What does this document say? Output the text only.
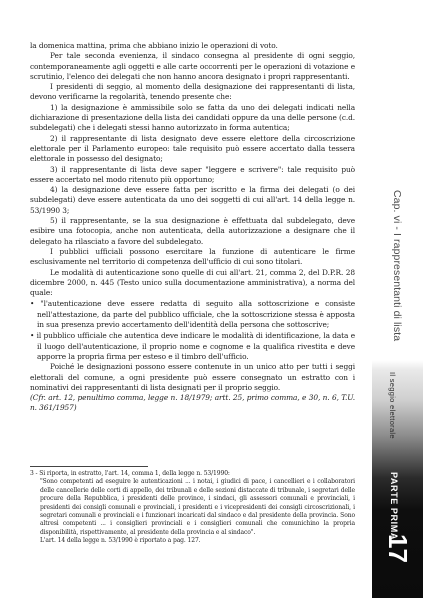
la domenica mattina, prima che abbiano inizio le operazioni di voto.

Per tale seconda evenienza, il sindaco consegna al presidente di ogni seggio, contemporaneamente agli oggetti e alle carte occorrenti per le operazioni di votazione e scrutinio, l'elenco dei delegati che non hanno ancora designato i propri rappresentanti.

I presidenti di seggio, al momento della designazione dei rappresentanti di lista, devono verificarne la regolarità, tenendo presente che:

1) la designazione è ammissibile solo se fatta da uno dei delegati indicati nella dichiarazione di presentazione della lista dei candidati oppure da una delle persone (c.d. subdelegati) che i delegati stessi hanno autorizzato in forma autentica;

2) il rappresentante di lista designato deve essere elettore della circoscrizione elettorale per il Parlamento europeo: tale requisito può essere accertato dalla tessera elettorale in possesso del designato;

3) il rappresentante di lista deve saper "leggere e scrivere": tale requisito può essere accertato nel modo ritenuto più opportuno;

4) la designazione deve essere fatta per iscritto e la firma dei delegati (o dei subdelegati) deve essere autenticata da uno dei soggetti di cui all'art. 14 della legge n. 53/1990 3;

5) il rappresentante, se la sua designazione è effettuata dal subdelegato, deve esibire una fotocopia, anche non autenticata, della autorizzazione a designare che il delegato ha rilasciato a favore del subdelegato.

I pubblici ufficiali possono esercitare la funzione di autenticare le firme esclusivamente nel territorio di competenza dell'ufficio di cui sono titolari.

Le modalità di autenticazione sono quelle di cui all'art. 21, comma 2, del D.P.R. 28 dicembre 2000, n. 445 (Testo unico sulla documentazione amministrativa), a norma del quale:

• "l'autenticazione deve essere redatta di seguito alla sottoscrizione e consiste nell'attestazione, da parte del pubblico ufficiale, che la sottoscrizione stessa è apposta in sua presenza previo accertamento dell'identità della persona che sottoscrive;

• il pubblico ufficiale che autentica deve indicare le modalità di identificazione, la data e il luogo dell'autenticazione, il proprio nome e cognome e la qualifica rivestita e deve apporre la propria firma per esteso e il timbro dell'ufficio.

Poiché le designazioni possono essere contenute in un unico atto per tutti i seggi elettorali del comune, a ogni presidente può essere consegnato un estratto con i nominativi dei rappresentanti di lista designati per il proprio seggio.

(Cfr. art. 12, penultimo comma, legge n. 18/1979; artt. 25, primo comma, e 30, n. 6, T.U. n. 361/1957)

3 - Si riporta, in estratto, l'art. 14, comma 1, della legge n. 53/1990:

"Sono competenti ad eseguire le autenticazioni ... i notai, i giudici di pace, i cancellieri e i collaboratori delle cancellerie delle corti di appello, dei tribunali e delle sezioni distaccate di tribunale, i segretari delle procure della Repubblica, i presidenti delle province, i sindaci, gli assessori comunali e provinciali, i presidenti dei consigli comunali e provinciali, i presidenti e i vicepresidenti dei consigli circoscrizionali, i segretari comunali e provinciali e i funzionari incaricati dal sindaco e dal presidente della provincia. Sono altresì competenti ... i consiglieri provinciali e i consiglieri comunali che comunichino la propria disponibilità, rispettivamente, al presidente della provincia e al sindaco".

L'art. 14 della legge n. 53/1990 è riportato a pag. 127.

Cap. vi - I rappresentanti di lista
Il seggio elettorale
PARTE PRIMA
17
